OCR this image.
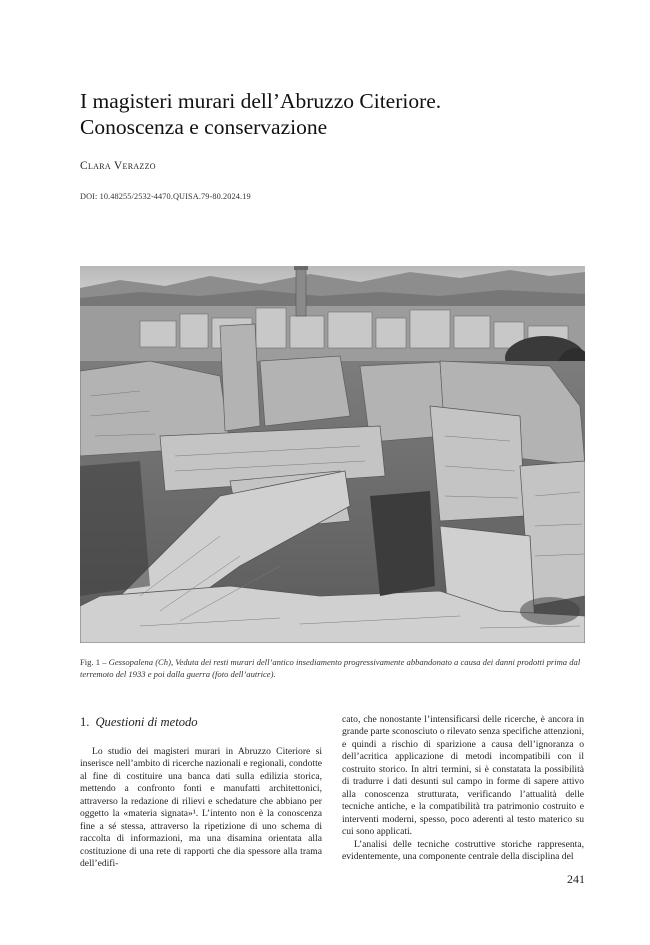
I magisteri murari dell’Abruzzo Citeriore.
Conoscenza e conservazione
Clara Verazzo
DOI: 10.48255/2532-4470.QUISA.79-80.2024.19
Fig. 1 – Gessopalena (Ch), Veduta dei resti murari dell’antico insediamento progressivamente abbandonato a causa dei danni prodotti prima dal terremoto del 1933 e poi dalla guerra (foto dell’autrice).
1. Questioni di metodo

Lo studio dei magisteri murari in Abruzzo Citeriore si inserisce nell’ambito di ricerche nazionali e regionali, condotte al fine di costituire una banca dati sulla edilizia storica, mettendo a confronto fonti e manufatti architettonici, attraverso la redazione di rilievi e schedature che abbiano per oggetto la «materia signata»¹. L’intento non è la conoscenza fine a sé stessa, attraverso la ripetizione di uno schema di raccolta di informazioni, ma una disamina orientata alla costituzione di una rete di rapporti che dia spessore alla trama dell’edifi-

cato, che nonostante l’intensificarsi delle ricerche, è ancora in grande parte sconosciuto o rilevato senza specifiche attenzioni, e quindi a rischio di sparizione a causa dell’ignoranza o dell’acritica applicazione di metodi incompatibili con il costruito storico. In altri termini, si è constatata la possibilità di tradurre i dati desunti sul campo in forme di sapere attivo alla conoscenza strutturata, verificando l’attualità delle tecniche antiche, e la compatibilità tra patrimonio costruito e interventi moderni, spesso, poco aderenti al testo materico su cui sono applicati.

L’analisi delle tecniche costruttive storiche rappresenta, evidentemente, una componente centrale della disciplina del

241
